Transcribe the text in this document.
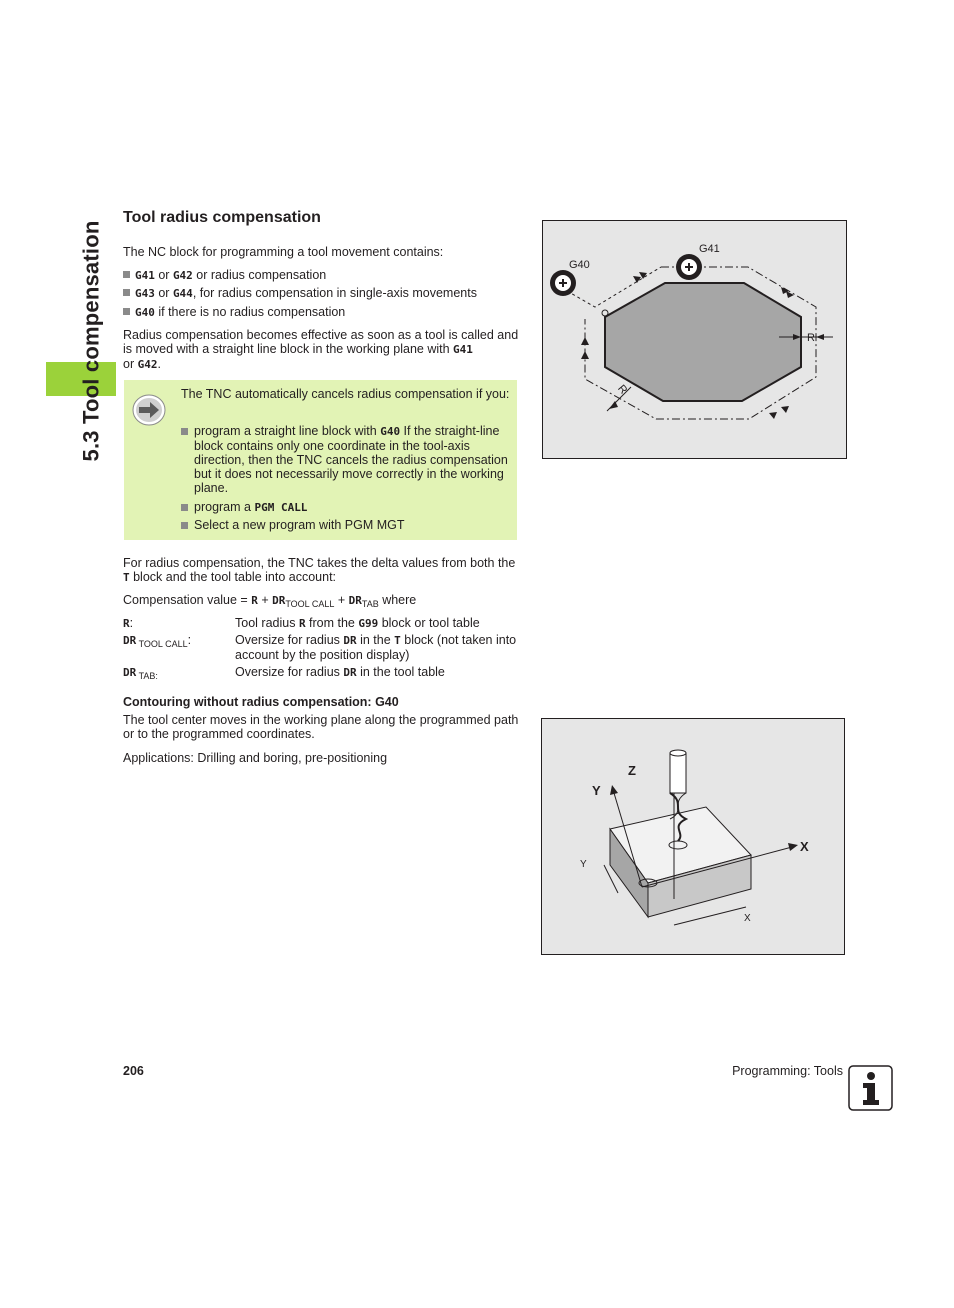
5.3 Tool compensation
Tool radius compensation
The NC block for programming a tool movement contains:
G41 or G42 or radius compensation
G43 or G44, for radius compensation in single-axis movements
G40 if there is no radius compensation
Radius compensation becomes effective as soon as a tool is called and is moved with a straight line block in the working plane with G41
or G42.
The TNC automatically cancels radius compensation if you:
program a straight line block with G40 If the straight-line block contains only one coordinate in the tool-axis direction, then the TNC cancels the radius compensation but it does not necessarily move correctly in the working plane.
program a PGM CALL
Select a new program with PGM MGT
For radius compensation, the TNC takes the delta values from both the T block and the tool table into account:
Compensation value = $R + DR_{TOOL CALL} + DR_{TAB}$ where
R:	Tool radius R from the G99 block or tool table
DR $_{TOOL CALL}$:	Oversize for radius DR in the T block (not taken into account by the position display)
DR $_{TAB:}$	Oversize for radius DR in the tool table
Contouring without radius compensation: G40
The tool center moves in the working plane along the programmed path or to the programmed coordinates.
Applications: Drilling and boring, pre-positioning
G40
G41
R
R
Z
Y
X
Y
X
206	Programming: Tools
